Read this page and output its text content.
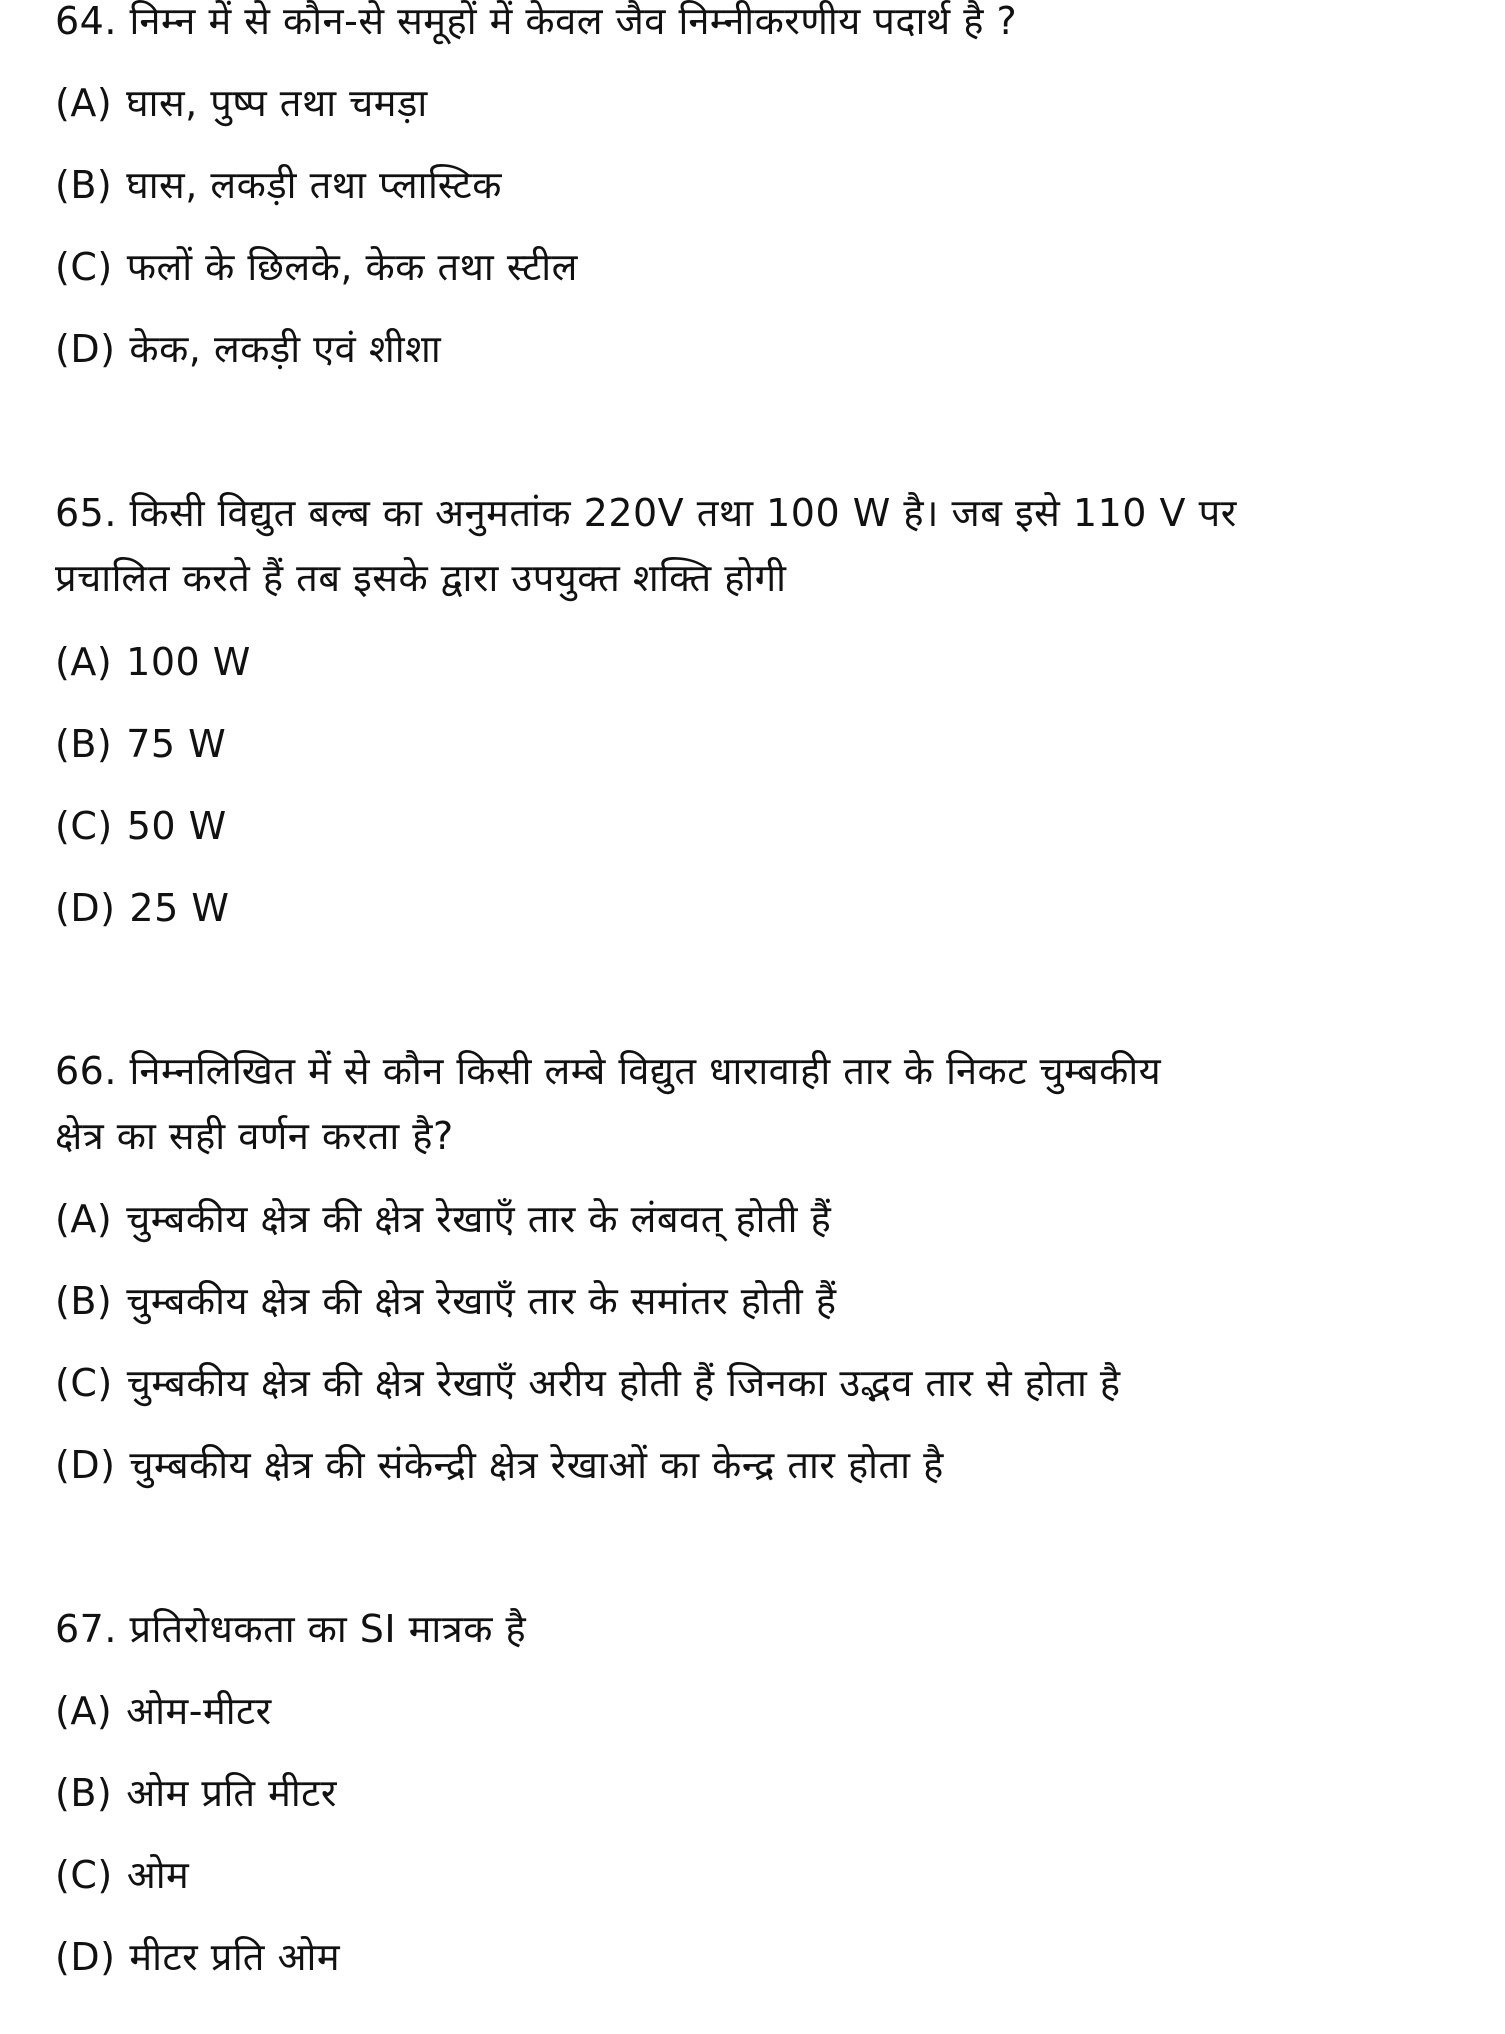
64. निम्न में से कौन-से समूहों में केवल जैव निम्नीकरणीय पदार्थ है ?
(A) घास, पुष्प तथा चमड़ा
(B) घास, लकड़ी तथा प्लास्टिक
(C) फलों के छिलके, केक तथा स्टील
(D) केक, लकड़ी एवं शीशा
65. किसी विद्युत बल्ब का अनुमतांक 220V तथा 100 W है। जब इसे 110 V पर
प्रचालित करते हैं तब इसके द्वारा उपयुक्त शक्ति होगी
(A) 100 W
(B) 75 W
(C) 50 W
(D) 25 W
66. निम्नलिखित में से कौन किसी लम्बे विद्युत धारावाही तार के निकट चुम्बकीय
क्षेत्र का सही वर्णन करता है?
(A) चुम्बकीय क्षेत्र की क्षेत्र रेखाएँ तार के लंबवत् होती हैं
(B) चुम्बकीय क्षेत्र की क्षेत्र रेखाएँ तार के समांतर होती हैं
(C) चुम्बकीय क्षेत्र की क्षेत्र रेखाएँ अरीय होती हैं जिनका उद्भव तार से होता है
(D) चुम्बकीय क्षेत्र की संकेन्द्री क्षेत्र रेखाओं का केन्द्र तार होता है
67. प्रतिरोधकता का SI मात्रक है
(A) ओम-मीटर
(B) ओम प्रति मीटर
(C) ओम
(D) मीटर प्रति ओम
